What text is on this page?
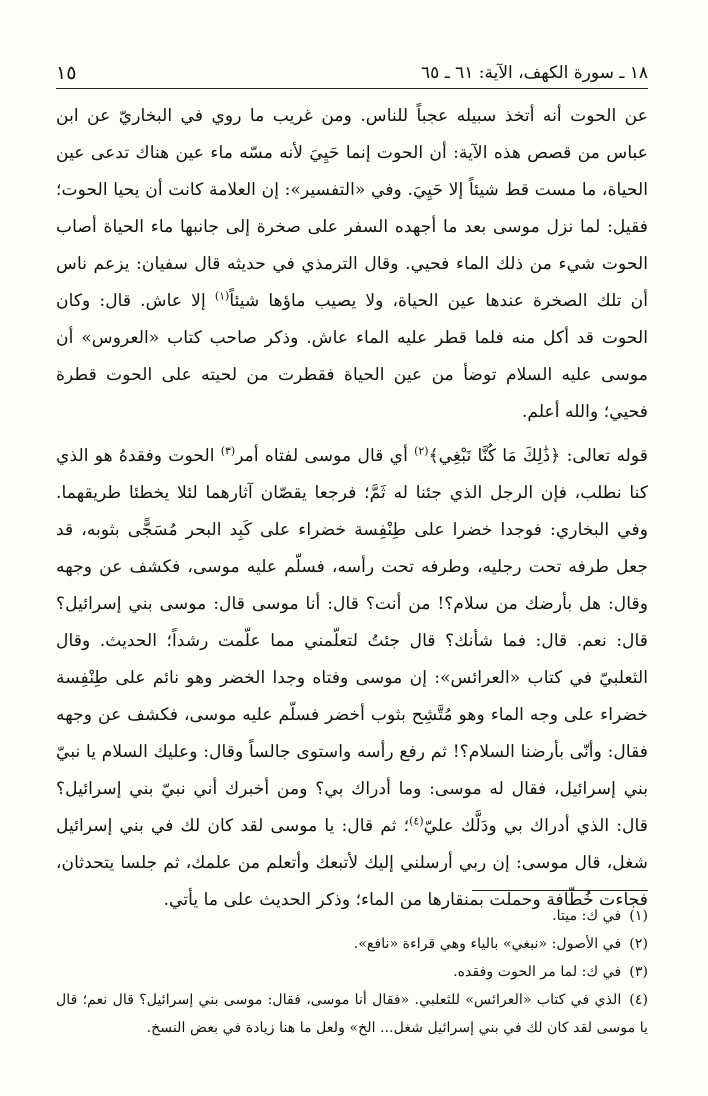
١٨ ـ سورة الكهف، الآية: ٦١ ـ ٦٥
١٥

عن الحوت أنه أتخذ سبيله عجباً للناس. ومن غريب ما روي في البخاريّ عن ابن عباس من قصص هذه الآية: أن الحوت إنما حَيِيَ لأنه مسّه ماء عين هناك تدعى عين الحياة، ما مست قط شيئاً إلا حَيِيَ. وفي «التفسير»: إن العلامة كانت أن يحيا الحوت؛ فقيل: لما نزل موسى بعد ما أجهده السفر على صخرة إلى جانبها ماء الحياة أصاب الحوت شيء من ذلك الماء فحيي. وقال الترمذي في حديثه قال سفيان: يزعم ناس أن تلك الصخرة عندها عين الحياة، ولا يصيب ماؤها شيئاً$^{(١)}$ إلا عاش. قال: وكان الحوت قد أكل منه فلما قطر عليه الماء عاش. وذكر صاحب كتاب «العروس» أن موسى عليه السلام توضأ من عين الحياة فقطرت من لحيته على الحوت قطرة فحيي؛ والله أعلم.

قوله تعالى: ﴿ذَٰلِكَ مَا كُنَّا نَبْغِي﴾$^{(٢)}$ أي قال موسى لفتاه أمر$^{(٣)}$ الحوت وفقدهُ هو الذي كنا نطلب، فإن الرجل الذي جئنا له ثَمَّ؛ فرجعا يقصّان آثارهما لئلا يخطئا طريقهما. وفي البخاري: فوجدا خضرا على طِنْفِسة خضراء على كَبِد البحر مُسَجًّى بثوبه، قد جعل طرفه تحت رجليه، وطرفه تحت رأسه، فسلّم عليه موسى، فكشف عن وجهه وقال: هل بأرضك من سلام؟! من أنت؟ قال: أنا موسى قال: موسى بني إسرائيل؟ قال: نعم. قال: فما شأنك؟ قال جئتُ لتعلّمني مما علّمت رشداً؛ الحديث. وقال الثعلبيّ في كتاب «العرائس»: إن موسى وفتاه وجدا الخضر وهو نائم على طِنْفِسة خضراء على وجه الماء وهو مُتَّشِح بثوب أخضر فسلّم عليه موسى، فكشف عن وجهه فقال: وأنّى بأرضنا السلام؟! ثم رفع رأسه واستوى جالساً وقال: وعليك السلام يا نبيّ بني إسرائيل، فقال له موسى: وما أدراك بي؟ ومن أخبرك أني نبيّ بني إسرائيل؟ قال: الذي أدراك بي ودَلَّك عليّ$^{(٤)}$؛ ثم قال: يا موسى لقد كان لك في بني إسرائيل شغل، قال موسى: إن ربي أرسلني إليك لأتبعك وأتعلم من علمك، ثم جلسا يتحدثان، فجاءت خُطّافة وحملت بمنقارها من الماء؛ وذكر الحديث على ما يأتي.

(١)في ك: ميتا.

(٢)في الأصول: «نبغي» بالياء وهي قراءة «نافع».

(٣)في ك: لما مر الحوت وفقده.

(٤)الذي في كتاب «العرائس» للثعلبي. «فقال أنا موسى، فقال: موسى بني إسرائيل؟ قال نعم؛ قال يا موسى لقد كان لك في بني إسرائيل شغل... الخ» ولعل ما هنا زيادة في بعض النسخ.
